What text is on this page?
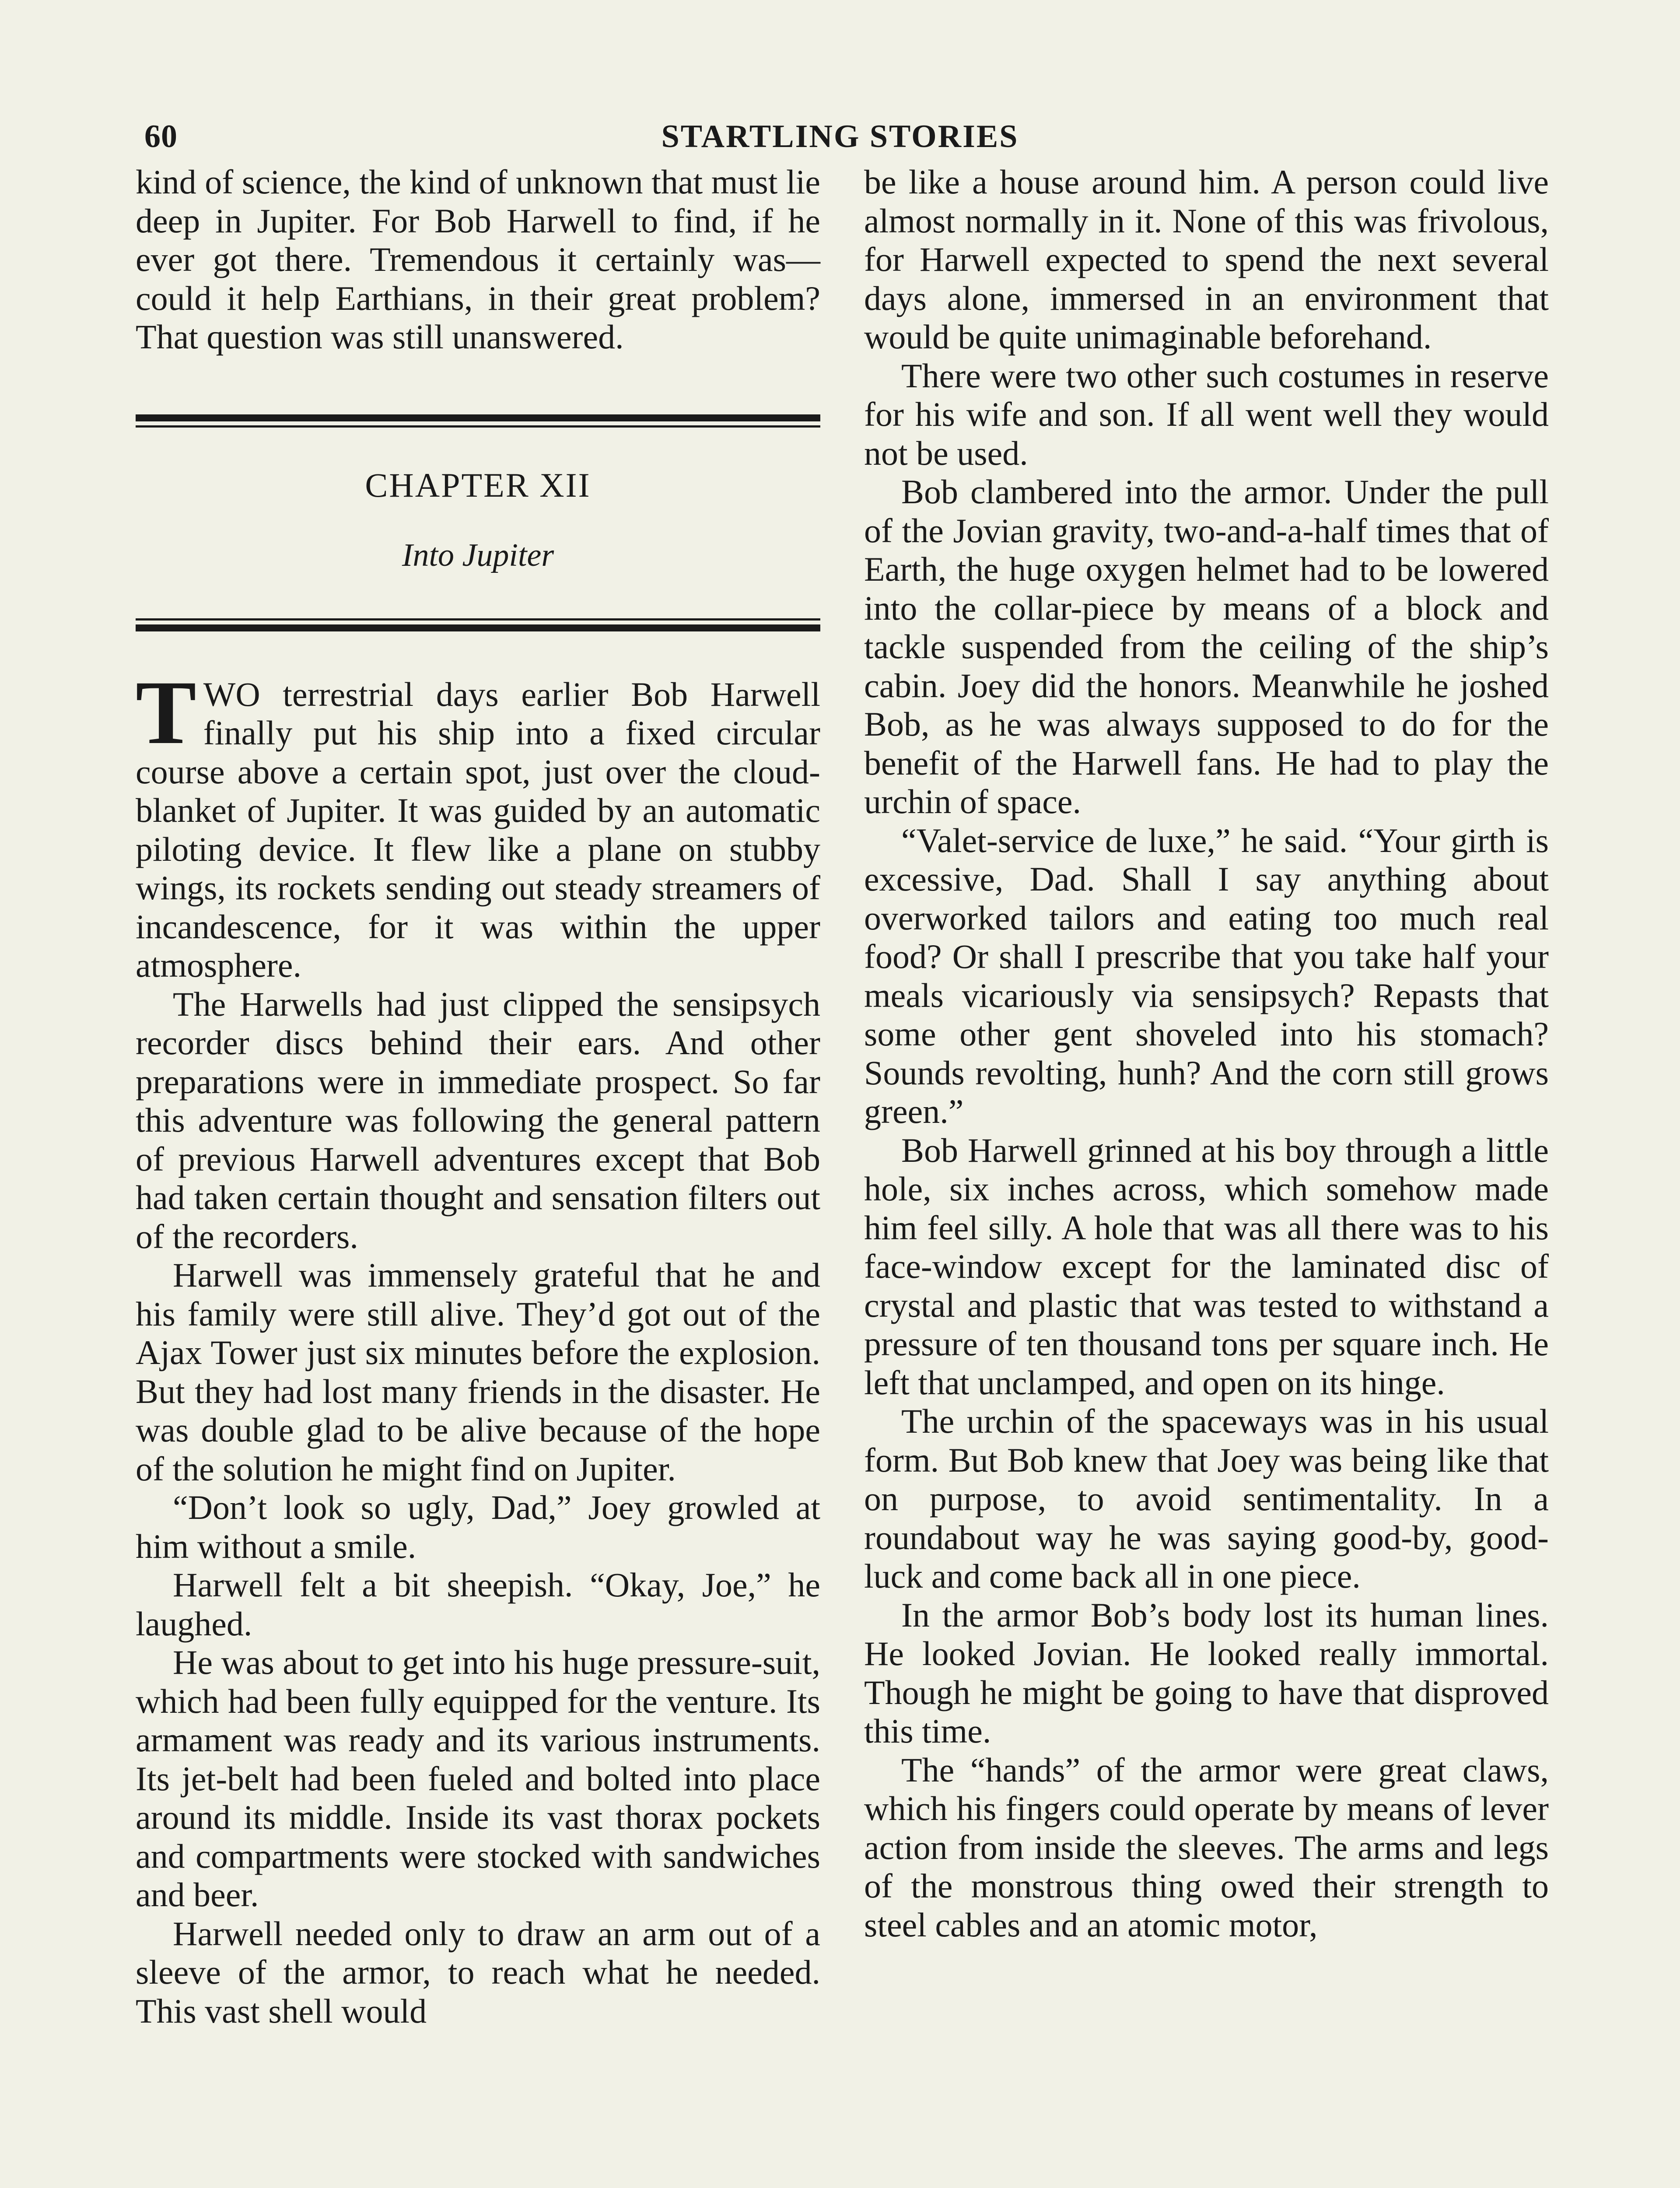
60	STARTLING STORIES

kind of science, the kind of unknown that must lie deep in Jupiter. For Bob Harwell to find, if he ever got there. Tremendous it certainly was—could it help Earthians, in their great problem? That question was still unanswered.

CHAPTER XII
Into Jupiter

TWO terrestrial days earlier Bob Harwell finally put his ship into a fixed circular course above a certain spot, just over the cloud-blanket of Jupiter. It was guided by an automatic piloting device. It flew like a plane on stubby wings, its rockets sending out steady streamers of incandescence, for it was within the upper atmosphere.

The Harwells had just clipped the sensipsych recorder discs behind their ears. And other preparations were in immediate prospect. So far this adventure was following the general pattern of previous Harwell adventures except that Bob had taken certain thought and sensation filters out of the recorders.

Harwell was immensely grateful that he and his family were still alive. They’d got out of the Ajax Tower just six minutes before the explosion. But they had lost many friends in the disaster. He was double glad to be alive because of the hope of the solution he might find on Jupiter.

“Don’t look so ugly, Dad,” Joey growled at him without a smile.

Harwell felt a bit sheepish. “Okay, Joe,” he laughed.

He was about to get into his huge pressure-suit, which had been fully equipped for the venture. Its armament was ready and its various instruments. Its jet-belt had been fueled and bolted into place around its middle. Inside its vast thorax pockets and compartments were stocked with sandwiches and beer.

Harwell needed only to draw an arm out of a sleeve of the armor, to reach what he needed. This vast shell would

be like a house around him. A person could live almost normally in it. None of this was frivolous, for Harwell expected to spend the next several days alone, immersed in an environment that would be quite unimaginable beforehand.

There were two other such costumes in reserve for his wife and son. If all went well they would not be used.

Bob clambered into the armor. Under the pull of the Jovian gravity, two-and-a-half times that of Earth, the huge oxygen helmet had to be lowered into the collar-piece by means of a block and tackle suspended from the ceiling of the ship’s cabin. Joey did the honors. Meanwhile he joshed Bob, as he was always supposed to do for the benefit of the Harwell fans. He had to play the urchin of space.

“Valet-service de luxe,” he said. “Your girth is excessive, Dad. Shall I say anything about overworked tailors and eating too much real food? Or shall I prescribe that you take half your meals vicariously via sensipsych? Repasts that some other gent shoveled into his stomach? Sounds revolting, hunh? And the corn still grows green.”

Bob Harwell grinned at his boy through a little hole, six inches across, which somehow made him feel silly. A hole that was all there was to his face-window except for the laminated disc of crystal and plastic that was tested to withstand a pressure of ten thousand tons per square inch. He left that unclamped, and open on its hinge.

The urchin of the spaceways was in his usual form. But Bob knew that Joey was being like that on purpose, to avoid sentimentality. In a roundabout way he was saying good-by, good-luck and come back all in one piece.

In the armor Bob’s body lost its human lines. He looked Jovian. He looked really immortal. Though he might be going to have that disproved this time.

The “hands” of the armor were great claws, which his fingers could operate by means of lever action from inside the sleeves. The arms and legs of the monstrous thing owed their strength to steel cables and an atomic motor,
